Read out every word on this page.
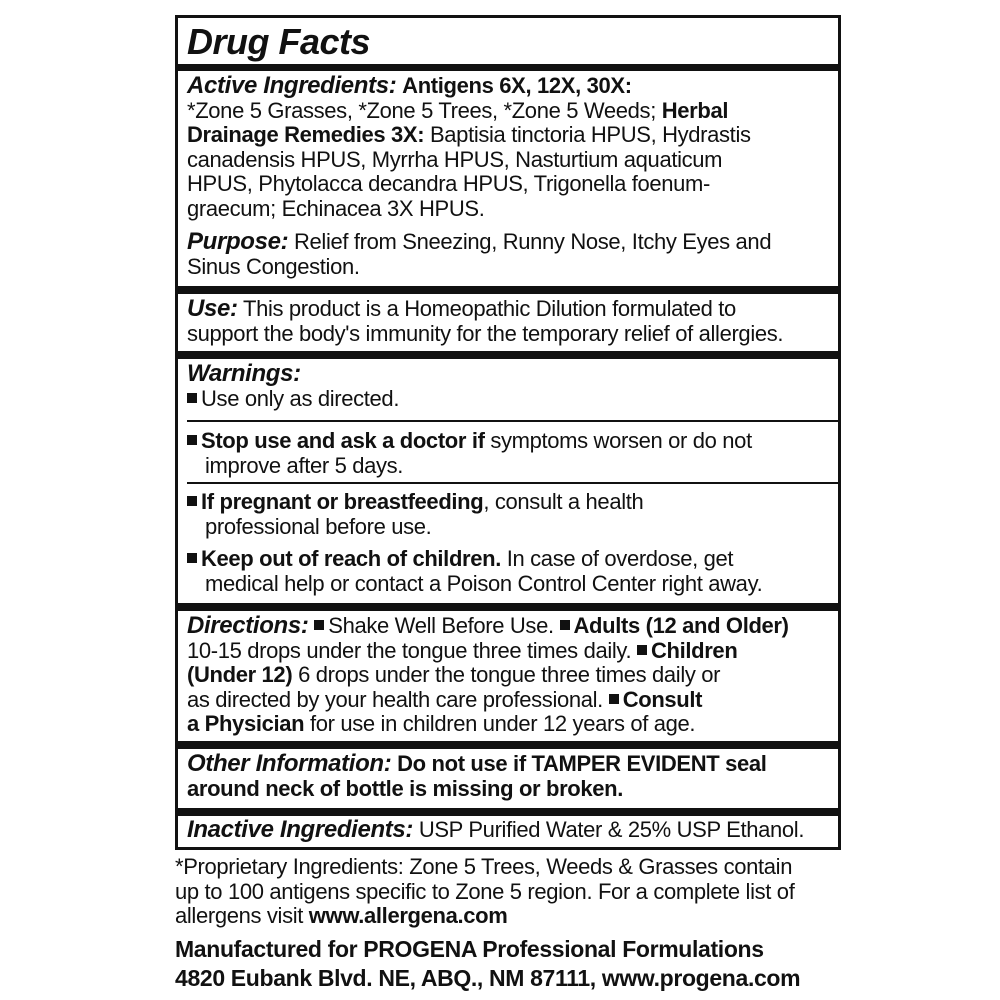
Drug Facts
Active Ingredients: Antigens 6X, 12X, 30X:
*Zone 5 Grasses, *Zone 5 Trees, *Zone 5 Weeds; Herbal
Drainage Remedies 3X: Baptisia tinctoria HPUS, Hydrastis
canadensis HPUS, Myrrha HPUS, Nasturtium aquaticum
HPUS, Phytolacca decandra HPUS, Trigonella foenum-
graecum; Echinacea 3X HPUS.
Purpose: Relief from Sneezing, Runny Nose, Itchy Eyes and
Sinus Congestion.
Use: This product is a Homeopathic Dilution formulated to
support the body's immunity for the temporary relief of allergies.
Warnings:
Use only as directed.
Stop use and ask a doctor if symptoms worsen or do not
improve after 5 days.
If pregnant or breastfeeding, consult a health
professional before use.
Keep out of reach of children. In case of overdose, get
medical help or contact a Poison Control Center right away.
Directions: Shake Well Before Use. Adults (12 and Older)
10-15 drops under the tongue three times daily. Children
(Under 12) 6 drops under the tongue three times daily or
as directed by your health care professional. Consult
a Physician for use in children under 12 years of age.
Other Information: Do not use if TAMPER EVIDENT seal
around neck of bottle is missing or broken.
Inactive Ingredients: USP Purified Water & 25% USP Ethanol.
*Proprietary Ingredients: Zone 5 Trees, Weeds & Grasses contain
up to 100 antigens specific to Zone 5 region. For a complete list of
allergens visit www.allergena.com
Manufactured for PROGENA Professional Formulations
4820 Eubank Blvd. NE, ABQ., NM 87111, www.progena.com
